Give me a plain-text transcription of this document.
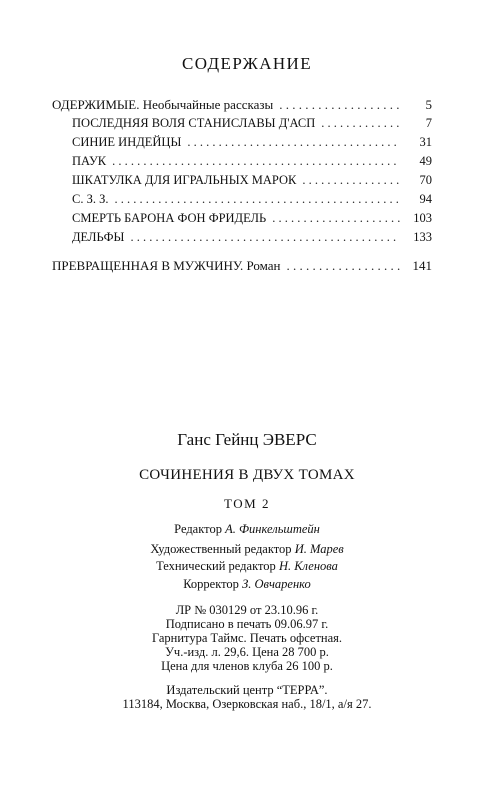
СОДЕРЖАНИЕ
ОДЕРЖИМЫЕ. Необычайные рассказы . . .	5
ПОСЛЕДНЯЯ ВОЛЯ СТАНИСЛАВЫ Д'АСП . . .	7
СИНИЕ ИНДЕЙЦЫ . . .	31
ПАУК . . .	49
ШКАТУЛКА ДЛЯ ИГРАЛЬНЫХ МАРОК . . .	70
С. З. З. . . .	94
СМЕРТЬ БАРОНА ФОН ФРИДЕЛЬ . . .	103
ДЕЛЬФЫ . . .	133
ПРЕВРАЩЕННАЯ В МУЖЧИНУ. Роман . . .	141
Ганс Гейнц ЭВЕРС
СОЧИНЕНИЯ В ДВУХ ТОМАХ
ТОМ 2
Редактор А. Финкельштейн
Художественный редактор И. Марев
Технический редактор Н. Кленова
Корректор З. Овчаренко
ЛР № 030129 от 23.10.96 г.
Подписано в печать 09.06.97 г.
Гарнитура Таймс. Печать офсетная.
Уч.-изд. л. 29,6. Цена 28 700 р.
Цена для членов клуба 26 100 р.
Издательский центр “ТЕРРА”.
113184, Москва, Озерковская наб., 18/1, а/я 27.
